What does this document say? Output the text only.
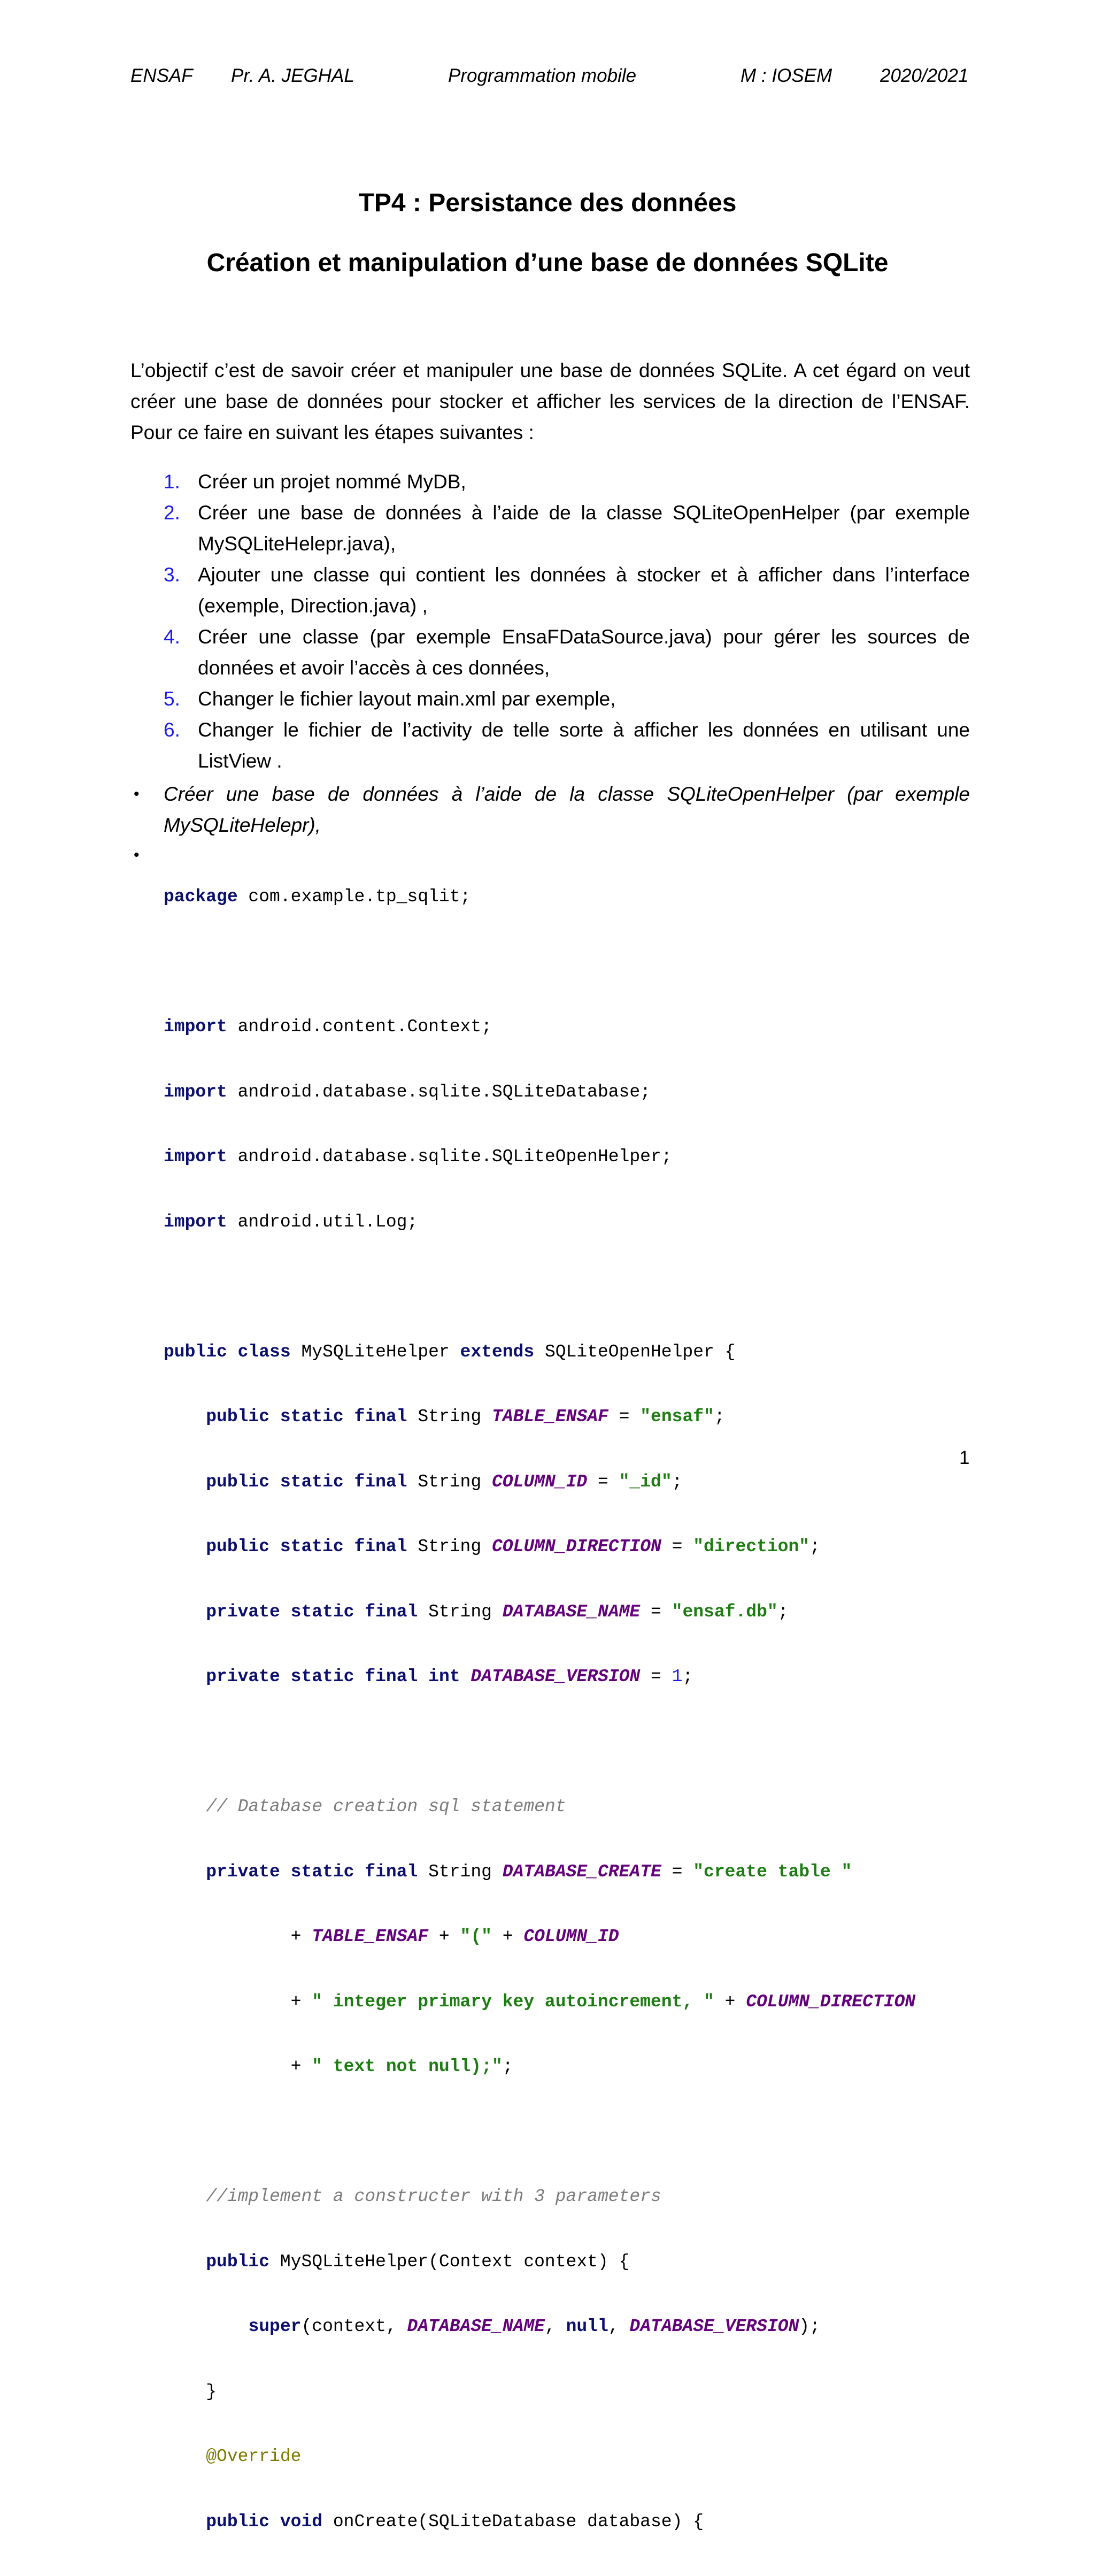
ENSAF Pr. A. JEGHAL	Programmation mobile	M : IOSEM	2020/2021
TP4 : Persistance des données
Création et manipulation d’une base de données SQLite

L’objectif c’est de savoir créer et manipuler une base de données SQLite. A cet égard on veut

créer une base de données pour stocker et afficher les services de la direction de l’ENSAF.

Pour ce faire en suivant les étapes suivantes :

1. Créer un projet nommé MyDB,
2. Créer une base de données à l’aide de la classe SQLiteOpenHelper (par exemple MySQLiteHelepr.java),
3. Ajouter une classe qui contient les données à stocker et à afficher dans l’interface (exemple, Direction.java) ,
4. Créer une classe (par exemple EnsaFDataSource.java) pour gérer les sources de données et avoir l’accès à ces données,
5. Changer le fichier layout main.xml par exemple,
6. Changer le fichier de l’activity de telle sorte à afficher les données en utilisant une ListView .
• Créer une base de données à l’aide de la classe SQLiteOpenHelper (par exemple MySQLiteHelepr),
•

package com.example.tp_sqlit;

import android.content.Context;

import android.database.sqlite.SQLiteDatabase;

import android.database.sqlite.SQLiteOpenHelper;

import android.util.Log;

public class MySQLiteHelper extends SQLiteOpenHelper {

public static final String TABLE_ENSAF = "ensaf";

public static final String COLUMN_ID = "_id";

public static final String COLUMN_DIRECTION = "direction";

private static final String DATABASE_NAME = "ensaf.db";

private static final int DATABASE_VERSION = 1;

// Database creation sql statement

private static final String DATABASE_CREATE = "create table "

+ TABLE_ENSAF + "(" + COLUMN_ID

+ " integer primary key autoincrement, " + COLUMN_DIRECTION

+ " text not null);";

//implement a constructer with 3 parameters

public MySQLiteHelper(Context context) {

super(context, DATABASE_NAME, null, DATABASE_VERSION);

}

@Override

public void onCreate(SQLiteDatabase database) {

1
